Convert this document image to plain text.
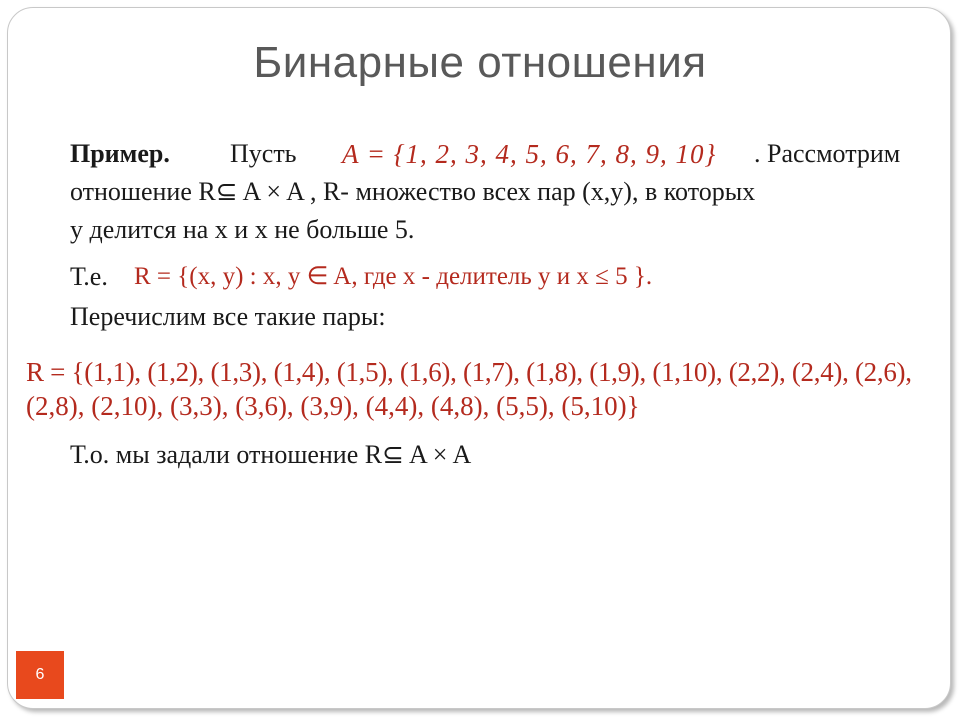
Бинарные отношения
Пример. Пусть A = {1, 2, 3, 4, 5, 6, 7, 8, 9, 10} . Рассмотрим
отношение R⊆ A × A , R- множество всех пар (x,y), в которых
y делится на x и x не больше 5.
Т.е. R = {(x, y) : x, y ∈ A, где х - делитель у и х ≤ 5 }.
Перечислим все такие пары:
R = {(1,1), (1,2), (1,3), (1,4), (1,5), (1,6), (1,7), (1,8), (1,9), (1,10), (2,2), (2,4), (2,6),
(2,8), (2,10), (3,3), (3,6), (3,9), (4,4), (4,8), (5,5), (5,10)}
Т.о. мы задали отношение R⊆ A × A
6
